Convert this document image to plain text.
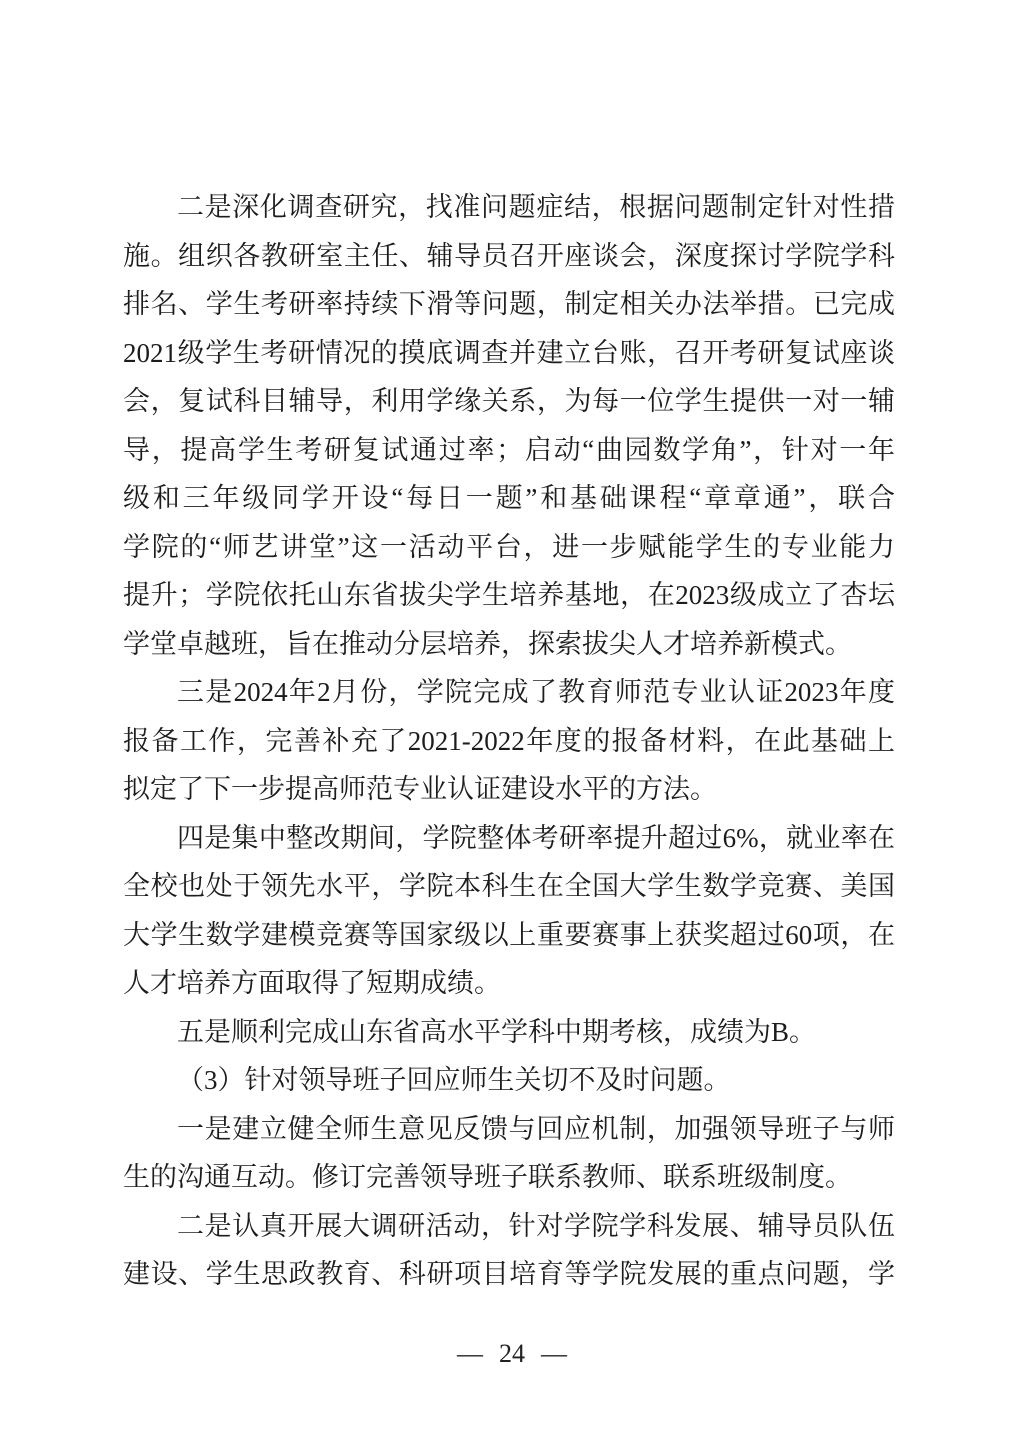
二是深化调查研究，找准问题症结，根据问题制定针对性措
施。组织各教研室主任、辅导员召开座谈会，深度探讨学院学科
排名、学生考研率持续下滑等问题，制定相关办法举措。已完成
2021级学生考研情况的摸底调查并建立台账，召开考研复试座谈
会，复试科目辅导，利用学缘关系，为每一位学生提供一对一辅
导，提高学生考研复试通过率；启动“曲园数学角”，针对一年
级和三年级同学开设“每日一题”和基础课程“章章通”，联合
学院的“师艺讲堂”这一活动平台，进一步赋能学生的专业能力
提升；学院依托山东省拔尖学生培养基地，在2023级成立了杏坛
学堂卓越班，旨在推动分层培养，探索拔尖人才培养新模式。
三是2024年2月份，学院完成了教育师范专业认证2023年度
报备工作，完善补充了2021-2022年度的报备材料，在此基础上
拟定了下一步提高师范专业认证建设水平的方法。
四是集中整改期间，学院整体考研率提升超过6%，就业率在
全校也处于领先水平，学院本科生在全国大学生数学竞赛、美国
大学生数学建模竞赛等国家级以上重要赛事上获奖超过60项，在
人才培养方面取得了短期成绩。
五是顺利完成山东省高水平学科中期考核，成绩为B。
（3）针对领导班子回应师生关切不及时问题。
一是建立健全师生意见反馈与回应机制，加强领导班子与师
生的沟通互动。修订完善领导班子联系教师、联系班级制度。
二是认真开展大调研活动，针对学院学科发展、辅导员队伍
建设、学生思政教育、科研项目培育等学院发展的重点问题，学
— 24 —
